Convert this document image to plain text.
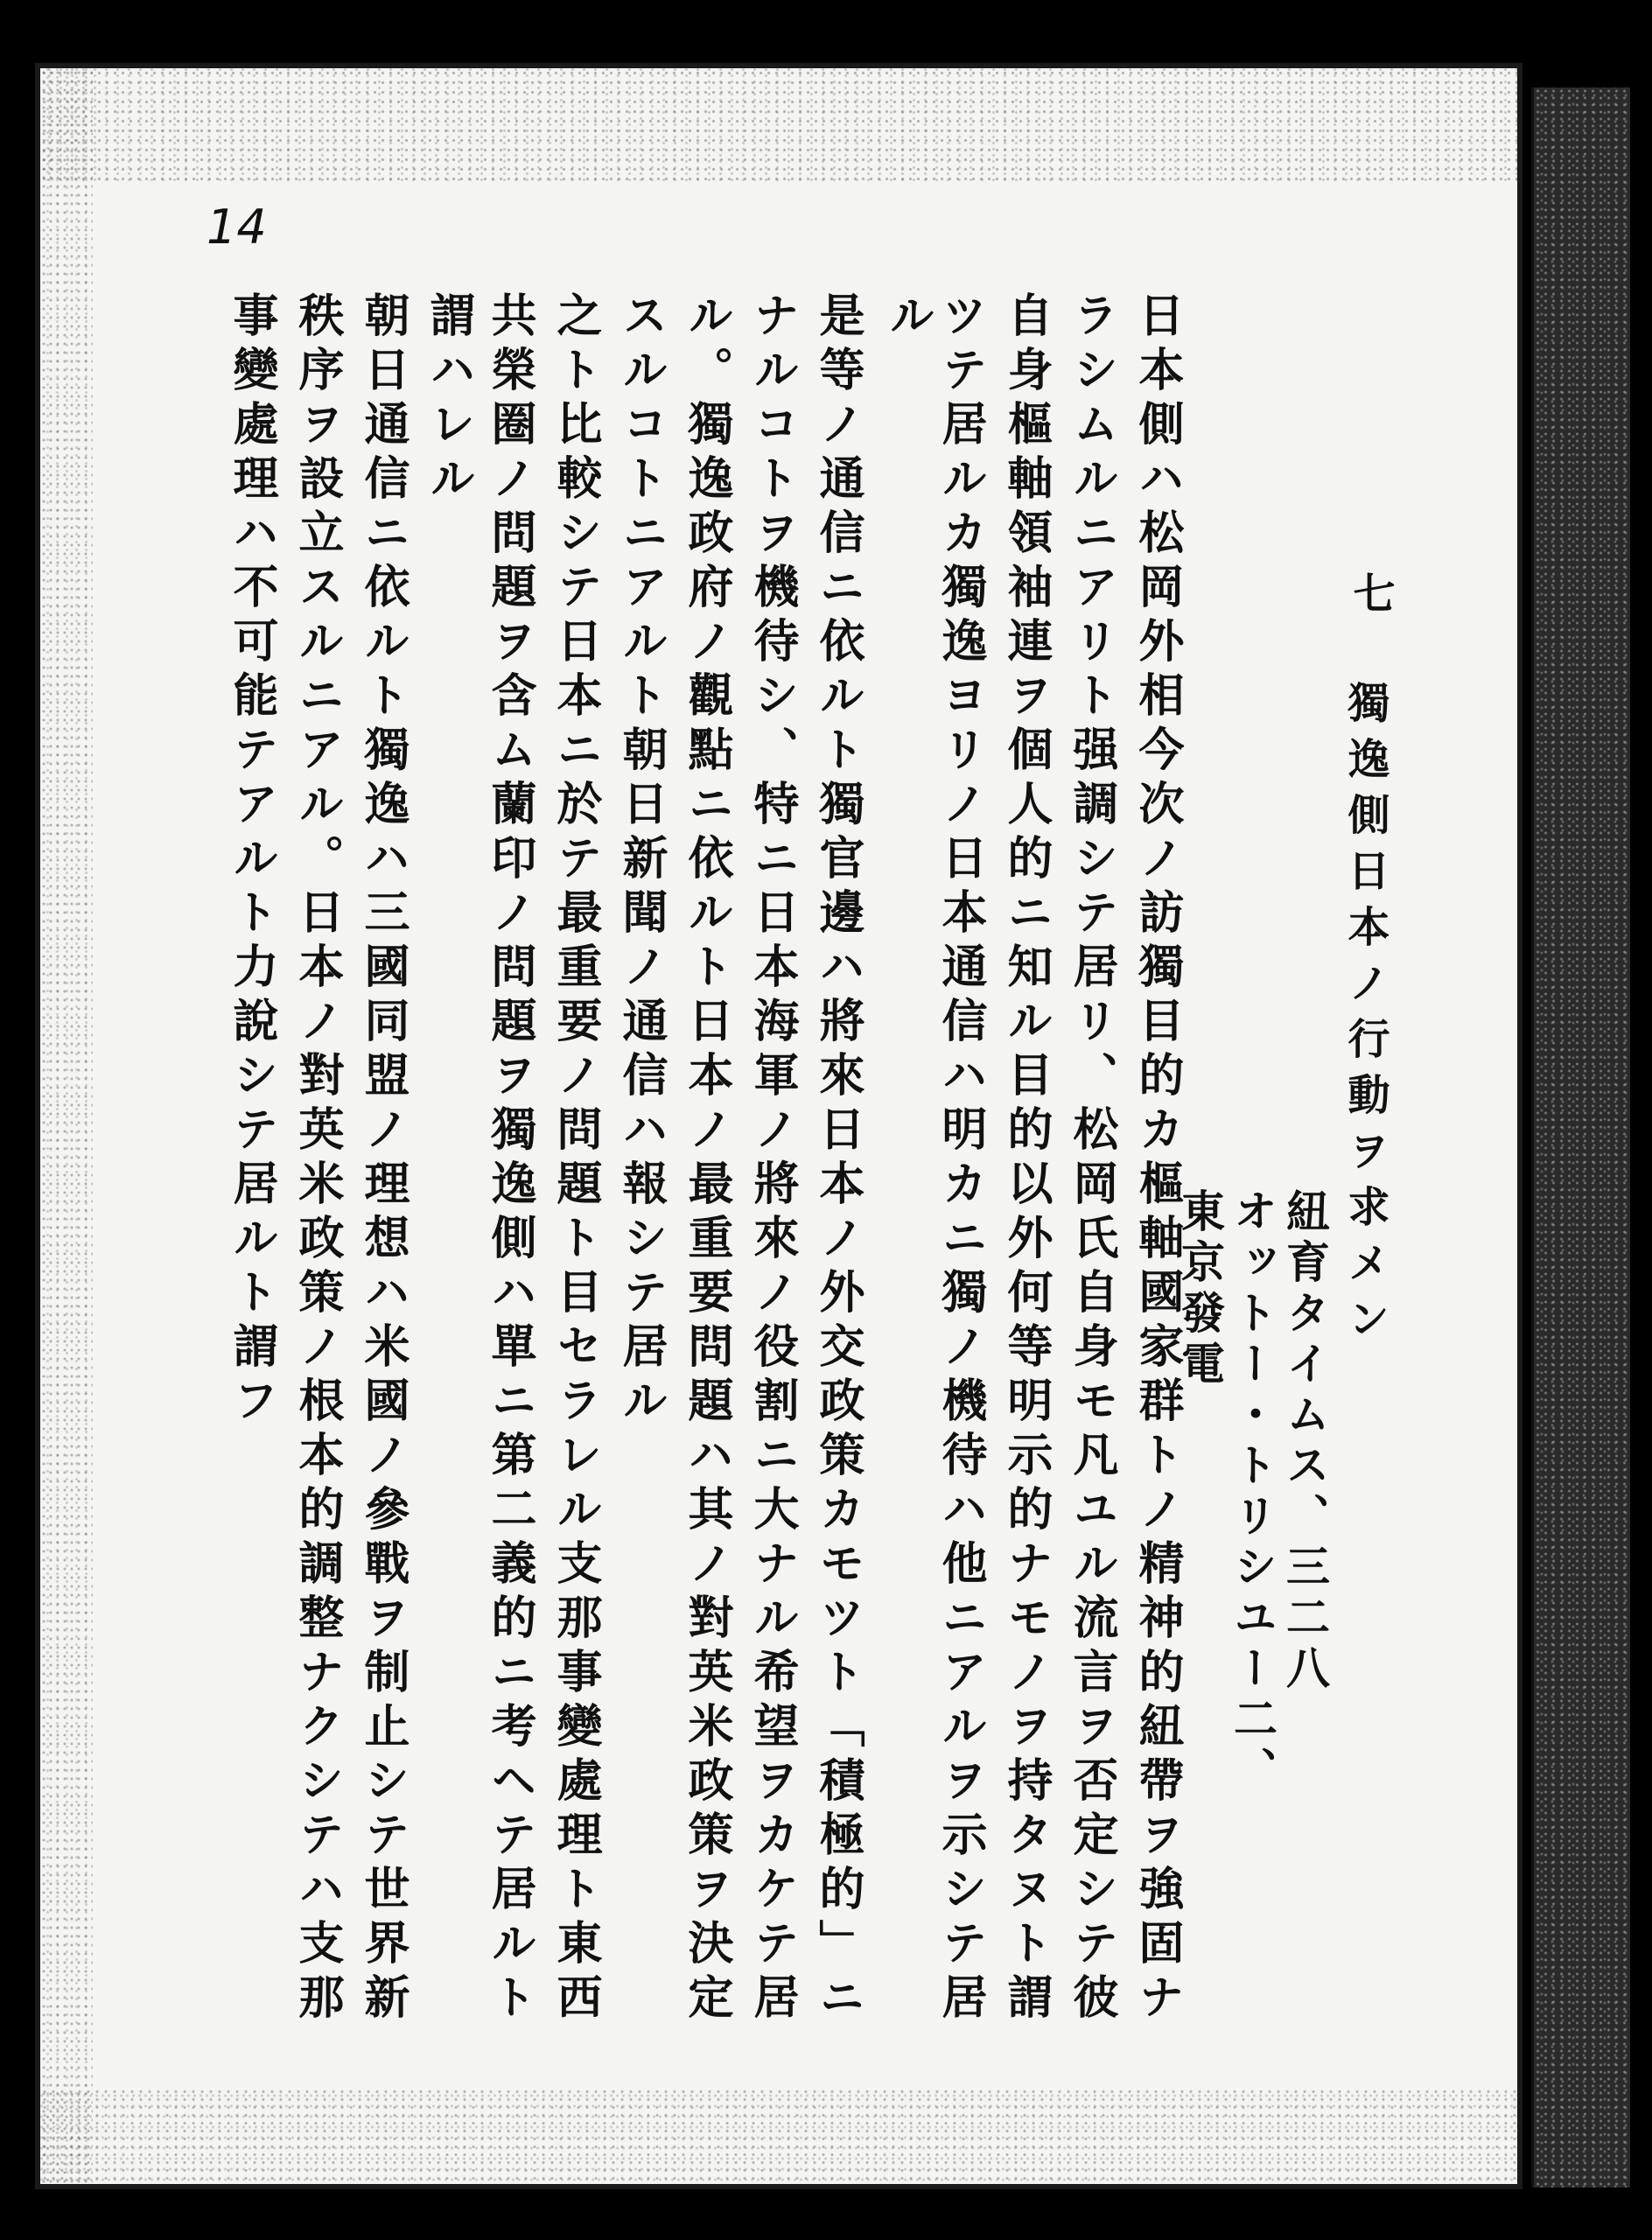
14
七
獨逸側日本ノ行動ヲ求メン
紐育タイムス、三二八
オットー・トリシユー二、
東京發電
日本側ハ松岡外相今次ノ訪獨目的カ樞軸國家群トノ精神的紐帶ヲ強固ナ
ラシムルニアリト强調シテ居リ、松岡氏自身モ凡ユル流言ヲ否定シテ彼
自身樞軸領袖連ヲ個人的ニ知ル目的以外何等明示的ナモノヲ持タヌト謂
ツテ居ルカ獨逸ヨリノ日本通信ハ明カニ獨ノ機待ハ他ニアルヲ示シテ居
ル
是等ノ通信ニ依ルト獨官邊ハ將來日本ノ外交政策カモツト「積極的」ニ
ナルコトヲ機待シ、特ニ日本海軍ノ將來ノ役割ニ大ナル希望ヲカケテ居
ル。獨逸政府ノ觀點ニ依ルト日本ノ最重要問題ハ其ノ對英米政策ヲ決定
スルコトニアルト朝日新聞ノ通信ハ報シテ居ル
之ト比較シテ日本ニ於テ最重要ノ問題ト目セラレル支那事變處理ト東西
共榮圈ノ問題ヲ含ム蘭印ノ問題ヲ獨逸側ハ單ニ第二義的ニ考ヘテ居ルト
謂ハレル
朝日通信ニ依ルト獨逸ハ三國同盟ノ理想ハ米國ノ參戰ヲ制止シテ世界新
秩序ヲ設立スルニアル。日本ノ對英米政策ノ根本的調整ナクシテハ支那
事變處理ハ不可能テアルト力說シテ居ルト謂フ
